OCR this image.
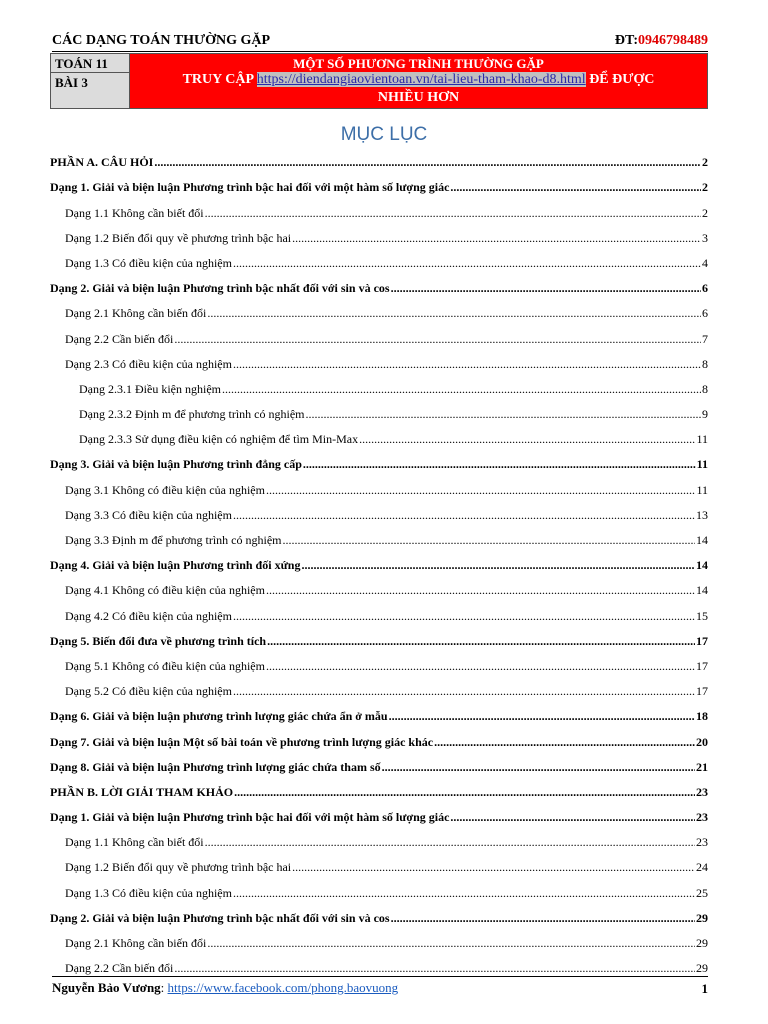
CÁC DẠNG TOÁN THƯỜNG GẶP	ĐT:0946798489
TOÁN 11
BÀI 3
MỘT SỐ PHƯƠNG TRÌNH THƯỜNG GẶP
TRUY CẬP https://diendangiaovientoan.vn/tai-lieu-tham-khao-d8.html ĐỂ ĐƯỢC
NHIỀU HƠN
MỤC LỤC
PHẦN A. CÂU HỎI .....	2
Dạng 1. Giải và biện luận Phương trình bậc hai đối với một hàm số lượng giác .....	2
Dạng 1.1 Không cần biết đổi .....	2
Dạng 1.2 Biến đổi quy về phương trình bậc hai .....	3
Dạng 1.3 Có điều kiện của nghiệm .....	4
Dạng 2. Giải và biện luận Phương trình bậc nhất đối với sin và cos .....	6
Dạng 2.1 Không cần biến đổi .....	6
Dạng 2.2 Cần biến đổi .....	7
Dạng 2.3 Có điều kiện của nghiệm .....	8
Dạng 2.3.1 Điều kiện nghiệm .....	8
Dạng 2.3.2 Định m để phương trình có nghiệm .....	9
Dạng 2.3.3 Sử dụng điều kiện có nghiệm để tìm Min-Max .....	11
Dạng 3. Giải và biện luận Phương trình đẳng cấp .....	11
Dạng 3.1 Không có điều kiện của nghiệm .....	11
Dạng 3.3 Có điều kiện của nghiệm .....	13
Dạng 3.3 Định m để phương trình có nghiệm .....	14
Dạng 4. Giải và biện luận Phương trình đối xứng .....	14
Dạng 4.1 Không có điều kiện của nghiệm .....	14
Dạng 4.2 Có điều kiện của nghiệm .....	15
Dạng 5. Biến đổi đưa về phương trình tích .....	17
Dạng 5.1 Không có điều kiện của nghiệm .....	17
Dạng 5.2 Có điều kiện của nghiệm .....	17
Dạng 6. Giải và biện luận phương trình lượng giác chứa ẩn ở mẫu .....	18
Dạng 7. Giải và biện luận Một số bài toán về phương trình lượng giác khác .....	20
Dạng 8. Giải và biện luận Phương trình lượng giác chứa tham số .....	21
PHẦN B. LỜI GIẢI THAM KHẢO .....	23
Dạng 1. Giải và biện luận Phương trình bậc hai đối với một hàm số lượng giác .....	23
Dạng 1.1 Không cần biết đổi .....	23
Dạng 1.2 Biến đổi quy về phương trình bậc hai .....	24
Dạng 1.3 Có điều kiện của nghiệm .....	25
Dạng 2. Giải và biện luận Phương trình bậc nhất đối với sin và cos .....	29
Dạng 2.1 Không cần biến đổi .....	29
Dạng 2.2 Cần biến đổi .....	29
Nguyễn Bảo Vương: https://www.facebook.com/phong.baovuong	1
